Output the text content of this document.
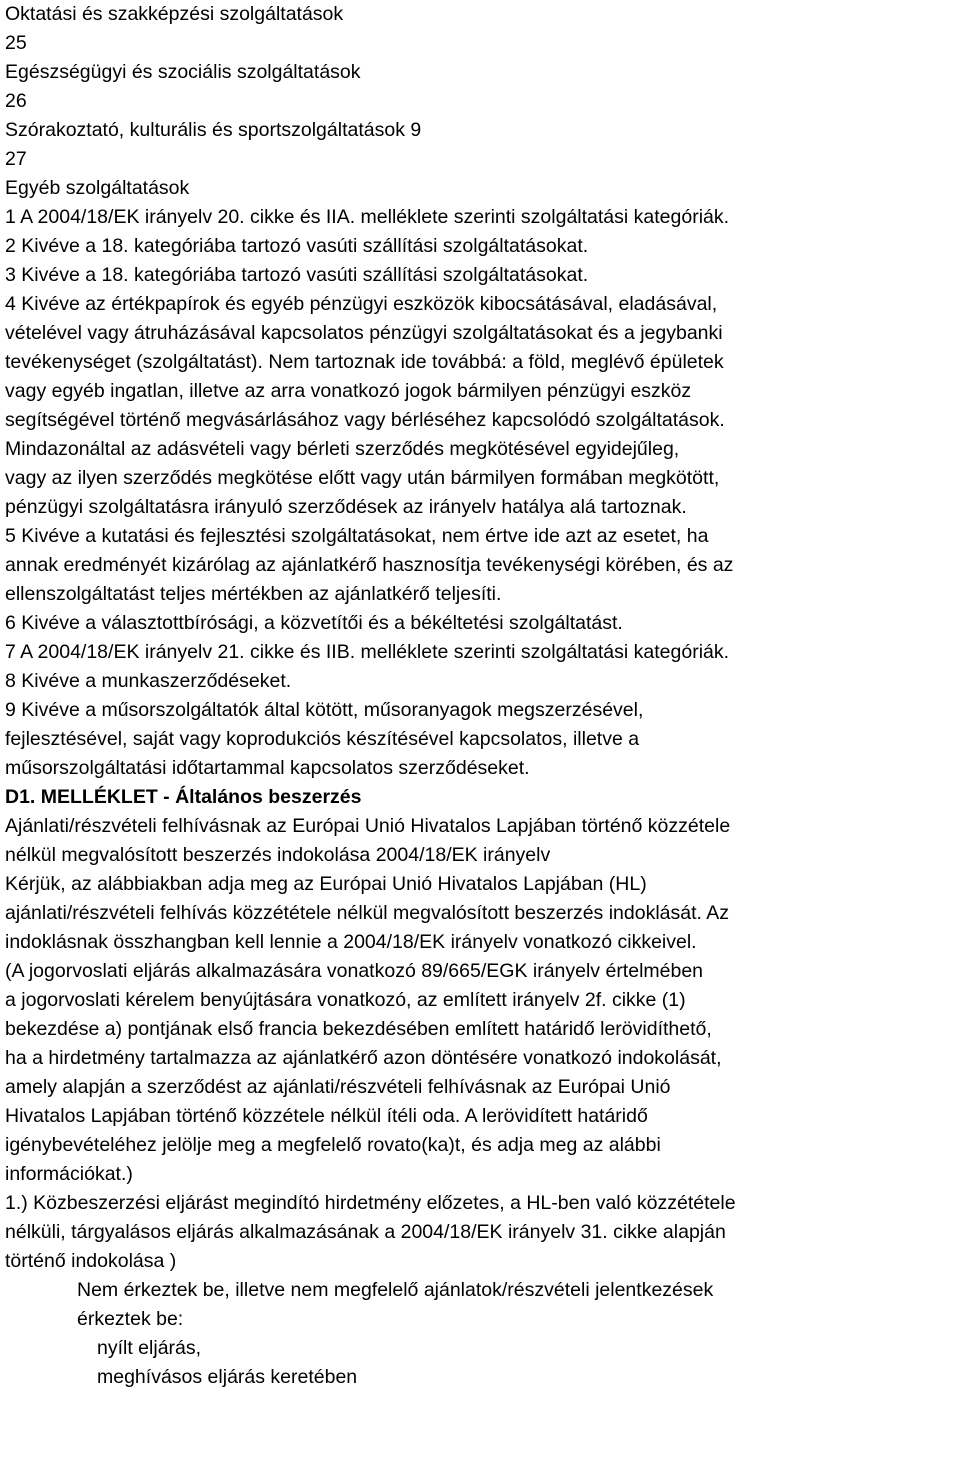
Oktatási és szakképzési szolgáltatások

25

Egészségügyi és szociális szolgáltatások

26

Szórakoztató, kulturális és sportszolgáltatások 9

27

Egyéb szolgáltatások

1 A 2004/18/EK irányelv 20. cikke és IIA. melléklete szerinti szolgáltatási kategóriák.

2 Kivéve a 18. kategóriába tartozó vasúti szállítási szolgáltatásokat.

3 Kivéve a 18. kategóriába tartozó vasúti szállítási szolgáltatásokat.

4 Kivéve az értékpapírok és egyéb pénzügyi eszközök kibocsátásával, eladásával,

vételével vagy átruházásával kapcsolatos pénzügyi szolgáltatásokat és a jegybanki

tevékenységet (szolgáltatást). Nem tartoznak ide továbbá: a föld, meglévő épületek

vagy egyéb ingatlan, illetve az arra vonatkozó jogok bármilyen pénzügyi eszköz

segítségével történő megvásárlásához vagy bérléséhez kapcsolódó szolgáltatások.

Mindazonáltal az adásvételi vagy bérleti szerződés megkötésével egyidejűleg,

vagy az ilyen szerződés megkötése előtt vagy után bármilyen formában megkötött,

pénzügyi szolgáltatásra irányuló szerződések az irányelv hatálya alá tartoznak.

5 Kivéve a kutatási és fejlesztési szolgáltatásokat, nem értve ide azt az esetet, ha

annak eredményét kizárólag az ajánlatkérő hasznosítja tevékenységi körében, és az

ellenszolgáltatást teljes mértékben az ajánlatkérő teljesíti.

6 Kivéve a választottbírósági, a közvetítői és a békéltetési szolgáltatást.

7 A 2004/18/EK irányelv 21. cikke és IIB. melléklete szerinti szolgáltatási kategóriák.

8 Kivéve a munkaszerződéseket.

9 Kivéve a műsorszolgáltatók által kötött, műsoranyagok megszerzésével,

fejlesztésével, saját vagy koprodukciós készítésével kapcsolatos, illetve a

műsorszolgáltatási időtartammal kapcsolatos szerződéseket.

D1. MELLÉKLET - Általános beszerzés

Ajánlati/részvételi felhívásnak az Európai Unió Hivatalos Lapjában történő közzétele

nélkül megvalósított beszerzés indokolása 2004/18/EK irányelv

Kérjük, az alábbiakban adja meg az Európai Unió Hivatalos Lapjában (HL)

ajánlati/részvételi felhívás közzététele nélkül megvalósított beszerzés indoklását. Az

indoklásnak összhangban kell lennie a 2004/18/EK irányelv vonatkozó cikkeivel.

(A jogorvoslati eljárás alkalmazására vonatkozó 89/665/EGK irányelv értelmében

a jogorvoslati kérelem benyújtására vonatkozó, az említett irányelv 2f. cikke (1)

bekezdése a) pontjának első francia bekezdésében említett határidő lerövidíthető,

ha a hirdetmény tartalmazza az ajánlatkérő azon döntésére vonatkozó indokolását,

amely alapján a szerződést az ajánlati/részvételi felhívásnak az Európai Unió

Hivatalos Lapjában történő közzétele nélkül ítéli oda. A lerövidített határidő

igénybevételéhez jelölje meg a megfelelő rovato(ka)t, és adja meg az alábbi

információkat.)

1.) Közbeszerzési eljárást megindító hirdetmény előzetes, a HL-ben való közzététele

nélküli, tárgyalásos eljárás alkalmazásának a 2004/18/EK irányelv 31. cikke alapján

történő indokolása )

Nem érkeztek be, illetve nem megfelelő ajánlatok/részvételi jelentkezések

érkeztek be:

nyílt eljárás,

meghívásos eljárás keretében
